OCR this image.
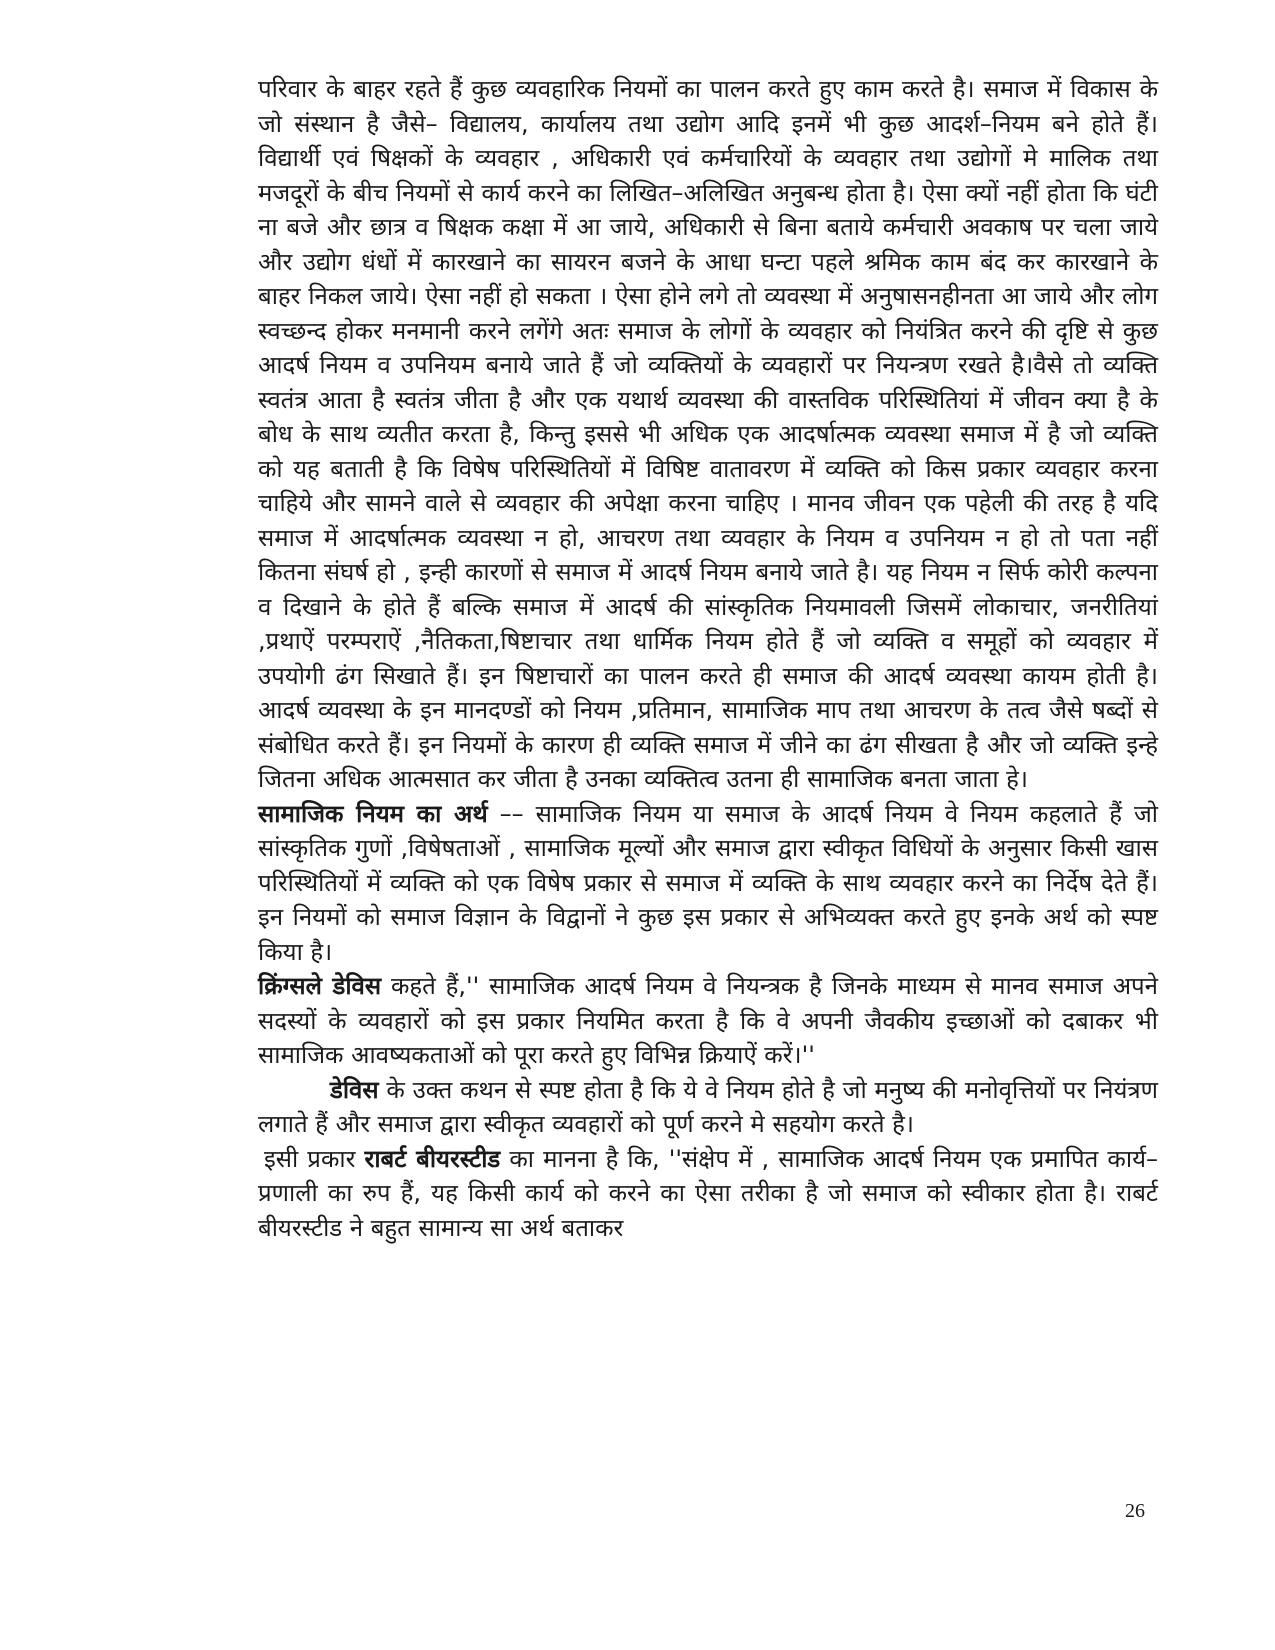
परिवार के बाहर रहते हैं कुछ व्यवहारिक नियमों का पालन करते हुए काम करते है। समाज में विकास के जो संस्थान है जैसे– विद्यालय, कार्यालय तथा उद्योग आदि इनमें भी कुछ आदर्श–नियम बने होते हैं। विद्यार्थी एवं षिक्षकों के व्यवहार , अधिकारी एवं कर्मचारियों के व्यवहार तथा उद्योगों मे मालिक तथा मजदूरों के बीच नियमों से कार्य करने का लिखित–अलिखित अनुबन्ध होता है। ऐसा क्यों नहीं होता कि घंटी ना बजे और छात्र व षिक्षक कक्षा में आ जाये, अधिकारी से बिना बताये कर्मचारी अवकाष पर चला जाये और उद्योग धंधों में कारखाने का सायरन बजने के आधा घन्टा पहले श्रमिक काम बंद कर कारखाने के बाहर निकल जाये। ऐसा नहीं हो सकता । ऐसा होने लगे तो व्यवस्था में अनुषासनहीनता आ जाये और लोग स्वच्छन्द होकर मनमानी करने लगेंगे अतः समाज के लोगों के व्यवहार को नियंत्रित करने की दृष्टि से कुछ आदर्ष नियम व उपनियम बनाये जाते हैं जो व्यक्तियों के व्यवहारों पर नियन्त्रण रखते है।वैसे तो व्यक्ति स्वतंत्र आता है स्वतंत्र जीता है और एक यथार्थ व्यवस्था की वास्तविक परिस्थितियां में जीवन क्या है के बोध के साथ व्यतीत करता है, किन्तु इससे भी अधिक एक आदर्षात्मक व्यवस्था समाज में है जो व्यक्ति को यह बताती है कि विषेष परिस्थितियों में विषिष्ट वातावरण में व्यक्ति को किस प्रकार व्यवहार करना चाहिये और सामने वाले से व्यवहार की अपेक्षा करना चाहिए । मानव जीवन एक पहेली की तरह है यदि समाज में आदर्षात्मक व्यवस्था न हो, आचरण तथा व्यवहार के नियम व उपनियम न हो तो पता नहीं कितना संघर्ष हो , इन्ही कारणों से समाज में आदर्ष नियम बनाये जाते है। यह नियम न सिर्फ कोरी कल्पना व दिखाने के होते हैं बल्कि समाज में आदर्ष की सांस्कृतिक नियमावली जिसमें लोकाचार, जनरीतियां ,प्रथाऐं परम्पराऐं ,नैतिकता,षिष्टाचार तथा धार्मिक नियम होते हैं जो व्यक्ति व समूहों को व्यवहार में उपयोगी ढंग सिखाते हैं। इन षिष्टाचारों का पालन करते ही समाज की आदर्ष व्यवस्था कायम होती है। आदर्ष व्यवस्था के इन मानदण्डों को नियम ,प्रतिमान, सामाजिक माप तथा आचरण के तत्व जैसे षब्दों से संबोधित करते हैं। इन नियमों के कारण ही व्यक्ति समाज में जीने का ढंग सीखता है और जो व्यक्ति इन्हे जितना अधिक आत्मसात कर जीता है उनका व्यक्तित्व उतना ही सामाजिक बनता जाता हे।

सामाजिक नियम का अर्थ –– सामाजिक नियम या समाज के आदर्ष नियम वे नियम कहलाते हैं जो सांस्कृतिक गुणों ,विषेषताओं , सामाजिक मूल्यों और समाज द्वारा स्वीकृत विधियों के अनुसार किसी खास परिस्थितियों में व्यक्ति को एक विषेष प्रकार से समाज में व्यक्ति के साथ व्यवहार करने का निर्देष देते हैं। इन नियमों को समाज विज्ञान के विद्वानों ने कुछ इस प्रकार से अभिव्यक्त करते हुए इनके अर्थ को स्पष्ट किया है।

क्रिंग्सले डेविस कहते हैं,'' सामाजिक आदर्ष नियम वे नियन्त्रक है जिनके माध्यम से मानव समाज अपने सदस्यों के व्यवहारों को इस प्रकार नियमित करता है कि वे अपनी जैवकीय इच्छाओं को दबाकर भी सामाजिक आवष्यकताओं को पूरा करते हुए विभिन्न क्रियाऐं करें।''

डेविस के उक्त कथन से स्पष्ट होता है कि ये वे नियम होते है जो मनुष्य की मनोवृत्तियों पर नियंत्रण लगाते हैं और समाज द्वारा स्वीकृत व्यवहारों को पूर्ण करने मे सहयोग करते है।

इसी प्रकार राबर्ट बीयरस्टीड का मानना है कि, ''संक्षेप में , सामाजिक आदर्ष नियम एक प्रमापित कार्य– प्रणाली का रुप हैं, यह किसी कार्य को करने का ऐसा तरीका है जो समाज को स्वीकार होता है। राबर्ट बीयरस्टीड ने बहुत सामान्य सा अर्थ बताकर

26
